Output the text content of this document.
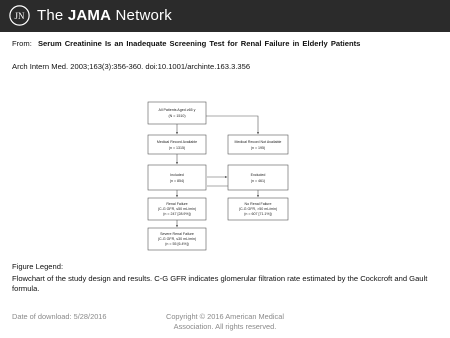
JN The JAMA Network
From: Serum Creatinine Is an Inadequate Screening Test for Renal Failure in Elderly Patients
Arch Intern Med. 2003;163(3):356-360. doi:10.1001/archinte.163.3.356
All Patients Aged ≥65 y
(N = 1510)
Medical Record Available
(n = 1315)
Medical Record Not Available
(n = 195)
Included
(n = 854)
Excluded
(n = 461)
Renal Failure
(C-G GFR, ≤50 mL/min)
(n = 247 [28.9%])
No Renal Failure
(C-G GFR, >50 mL/min)
(n = 607 [71.1%])
Severe Renal Failure
(C-G GFR, ≤30 mL/min)
(n = 55 [6.4%])
Figure Legend:
Flowchart of the study design and results. C-G GFR indicates glomerular filtration rate estimated by the Cockcroft and Gault formula.
Date of download: 5/28/2016	Copyright © 2016 American Medical
Association. All rights reserved.
